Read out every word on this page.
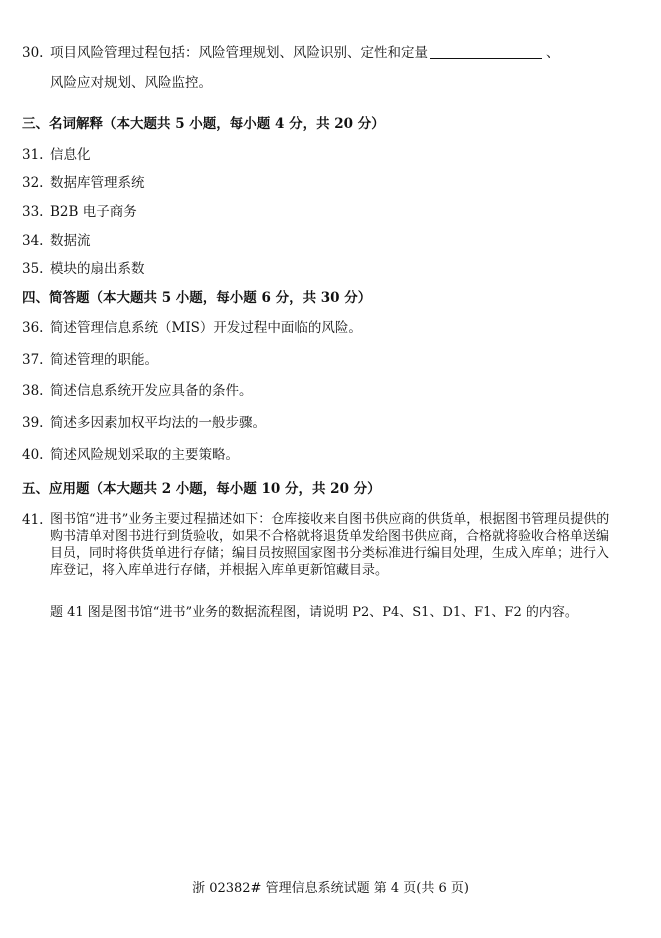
30. 项目风险管理过程包括：风险管理规划、风险识别、定性和定量	、
风险应对规划、风险监控。
三、名词解释（本大题共 5 小题，每小题 4 分，共 20 分）
31. 信息化
32. 数据库管理系统
33. B2B 电子商务
34. 数据流
35. 模块的扇出系数
四、简答题（本大题共 5 小题，每小题 6 分，共 30 分）
36. 简述管理信息系统（MIS）开发过程中面临的风险。
37. 简述管理的职能。
38. 简述信息系统开发应具备的条件。
39. 简述多因素加权平均法的一般步骤。
40. 简述风险规划采取的主要策略。
五、应用题（本大题共 2 小题，每小题 10 分，共 20 分）
41. 图书馆“进书”业务主要过程描述如下：仓库接收来自图书供应商的供货单，根据图书管理员提供的购书清单对图书进行到货验收，如果不合格就将退货单发给图书供应商，合格就将验收合格单送编目员，同时将供货单进行存储；编目员按照国家图书分类标准进行编目处理，生成入库单；进行入库登记，将入库单进行存储，并根据入库单更新馆藏目录。
题 41 图是图书馆“进书”业务的数据流程图，请说明 P2、P4、S1、D1、F1、F2 的内容。
浙 02382# 管理信息系统试题 第 4 页(共 6 页)
